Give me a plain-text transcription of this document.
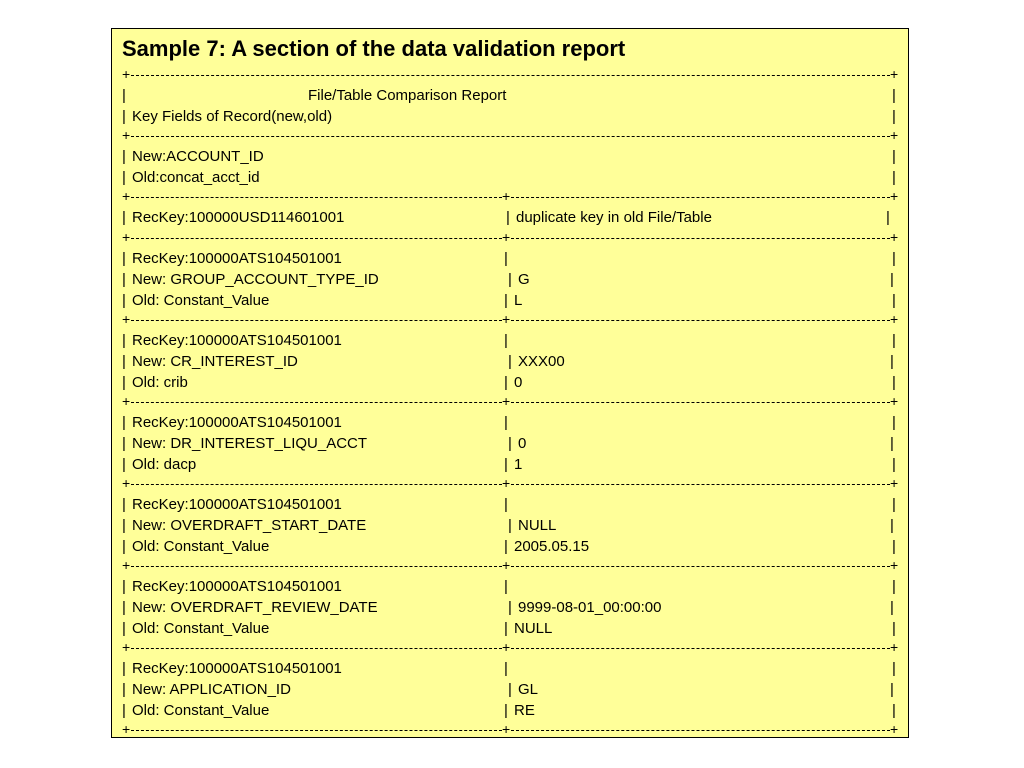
Sample 7: A section of the data validation report
+	+
|	File/Table Comparison Report	|
| Key Fields of Record(new,old)	|
+	+
| New:ACCOUNT_ID	|
| Old:concat_acct_id	|
+	+	+
| RecKey:100000USD114601001	| duplicate key in old File/Table	|
+	+	+
| RecKey:100000ATS104501001	|	|
| New: GROUP_ACCOUNT_TYPE_ID	| G	|
| Old: Constant_Value	| L	|
+	+	+
| RecKey:100000ATS104501001	|	|
| New: CR_INTEREST_ID	| XXX00	|
| Old: crib	| 0	|
+	+	+
| RecKey:100000ATS104501001	|	|
| New: DR_INTEREST_LIQU_ACCT	| 0	|
| Old: dacp	| 1	|
+	+	+
| RecKey:100000ATS104501001	|	|
| New: OVERDRAFT_START_DATE	| NULL	|
| Old: Constant_Value	| 2005.05.15	|
+	+	+
| RecKey:100000ATS104501001	|	|
| New: OVERDRAFT_REVIEW_DATE	| 9999-08-01_00:00:00	|
| Old: Constant_Value	| NULL	|
+	+	+
| RecKey:100000ATS104501001	|	|
| New: APPLICATION_ID	| GL	|
| Old: Constant_Value	| RE	|
+	+	+
